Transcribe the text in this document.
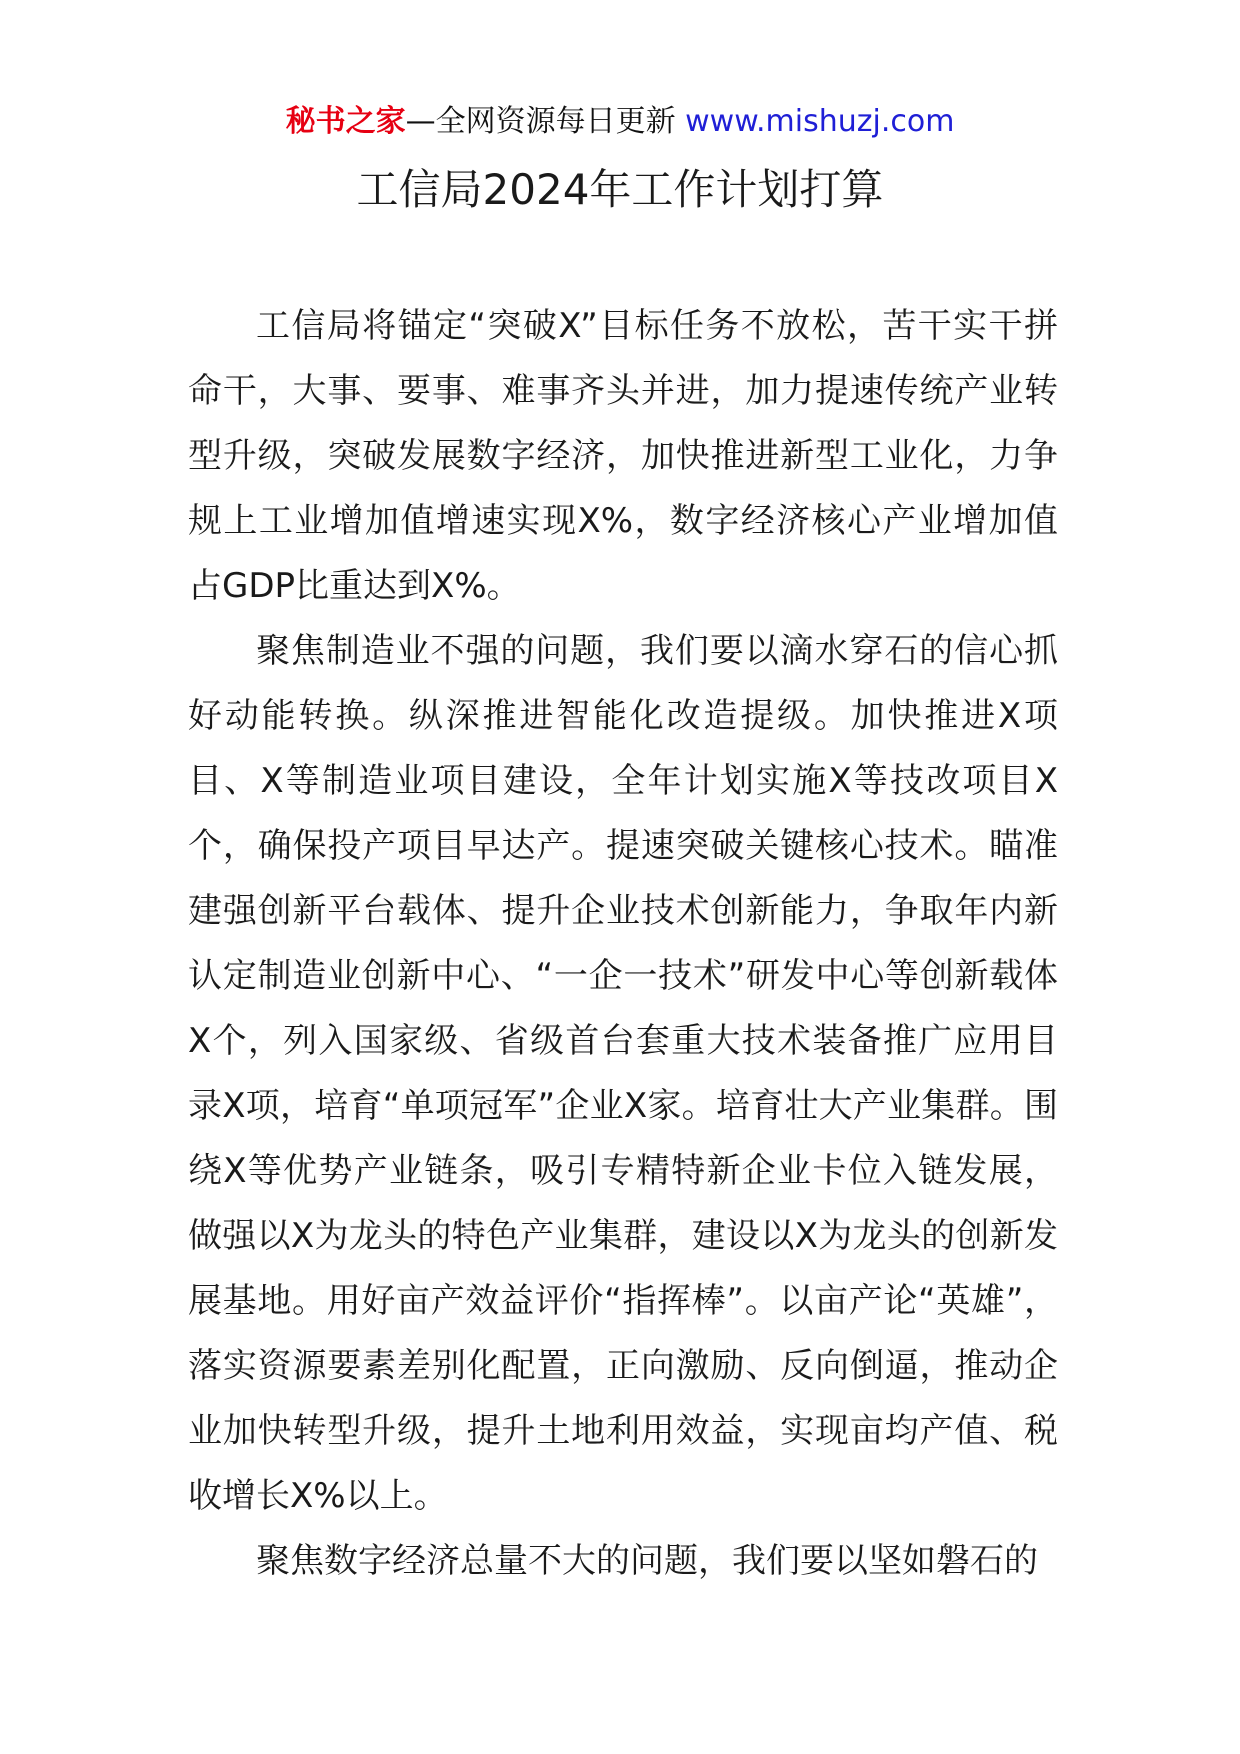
秘书之家—全网资源每日更新 www.mishuzj.com
工信局2024年工作计划打算

工信局将锚定“突破X”目标任务不放松，苦干实干拼命干，大事、要事、难事齐头并进，加力提速传统产业转型升级，突破发展数字经济，加快推进新型工业化，力争规上工业增加值增速实现X%，数字经济核心产业增加值占GDP比重达到X%。

聚焦制造业不强的问题，我们要以滴水穿石的信心抓好动能转换。纵深推进智能化改造提级。加快推进X项目、X等制造业项目建设，全年计划实施X等技改项目X个，确保投产项目早达产。提速突破关键核心技术。瞄准建强创新平台载体、提升企业技术创新能力，争取年内新认定制造业创新中心、“一企一技术”研发中心等创新载体X个，列入国家级、省级首台套重大技术装备推广应用目录X项，培育“单项冠军”企业X家。培育壮大产业集群。围绕X等优势产业链条，吸引专精特新企业卡位入链发展，做强以X为龙头的特色产业集群，建设以X为龙头的创新发展基地。用好亩产效益评价“指挥棒”。以亩产论“英雄”，落实资源要素差别化配置，正向激励、反向倒逼，推动企业加快转型升级，提升土地利用效益，实现亩均产值、税收增长X%以上。

聚焦数字经济总量不大的问题，我们要以坚如磐石的
